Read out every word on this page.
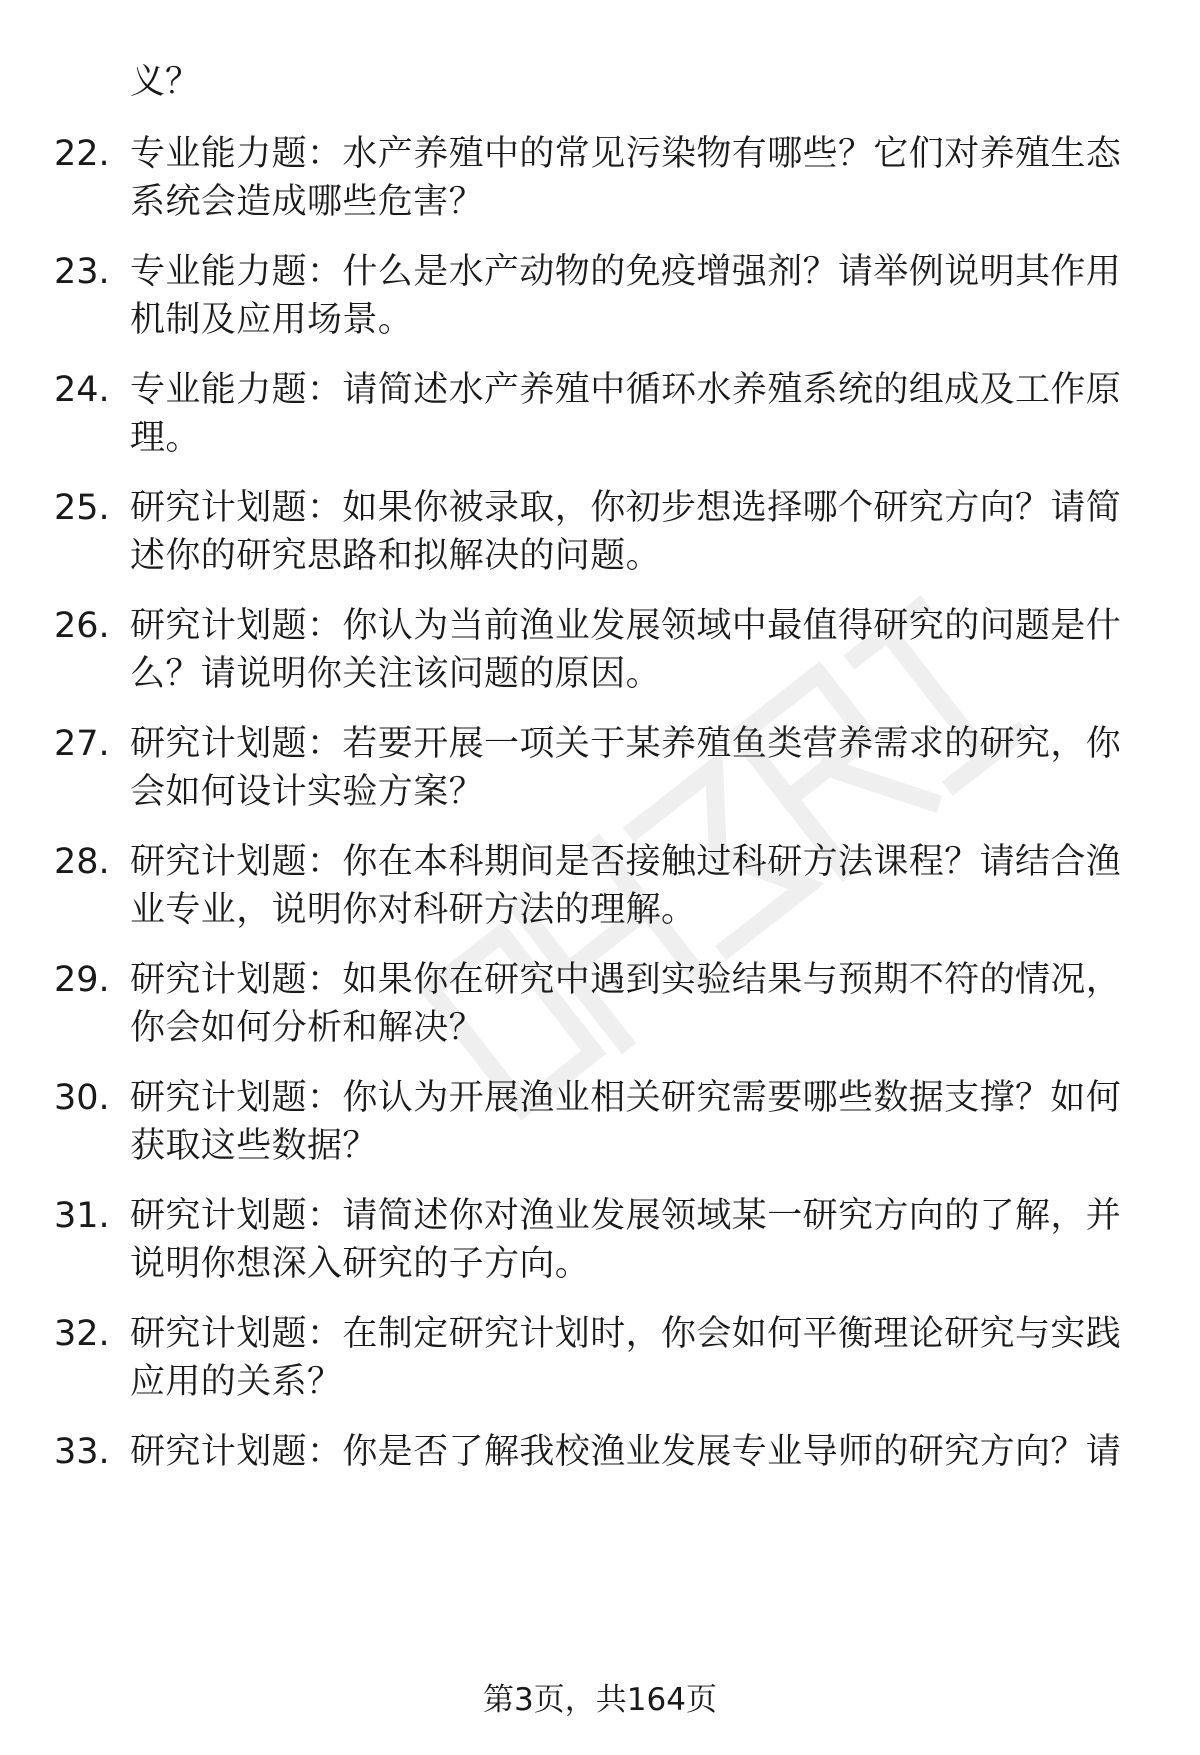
义？
22. 专业能力题：水产养殖中的常见污染物有哪些？它们对养殖生态
系统会造成哪些危害？
23. 专业能力题：什么是水产动物的免疫增强剂？请举例说明其作用
机制及应用场景。
24. 专业能力题：请简述水产养殖中循环水养殖系统的组成及工作原
理。
25. 研究计划题：如果你被录取，你初步想选择哪个研究方向？请简
述你的研究思路和拟解决的问题。
26. 研究计划题：你认为当前渔业发展领域中最值得研究的问题是什
么？请说明你关注该问题的原因。
27. 研究计划题：若要开展一项关于某养殖鱼类营养需求的研究，你
会如何设计实验方案？
28. 研究计划题：你在本科期间是否接触过科研方法课程？请结合渔
业专业，说明你对科研方法的理解。
29. 研究计划题：如果你在研究中遇到实验结果与预期不符的情况，
你会如何分析和解决？
30. 研究计划题：你认为开展渔业相关研究需要哪些数据支撑？如何
获取这些数据？
31. 研究计划题：请简述你对渔业发展领域某一研究方向的了解，并
说明你想深入研究的子方向。
32. 研究计划题：在制定研究计划时，你会如何平衡理论研究与实践
应用的关系？
33. 研究计划题：你是否了解我校渔业发展专业导师的研究方向？请
第3页，共164页
